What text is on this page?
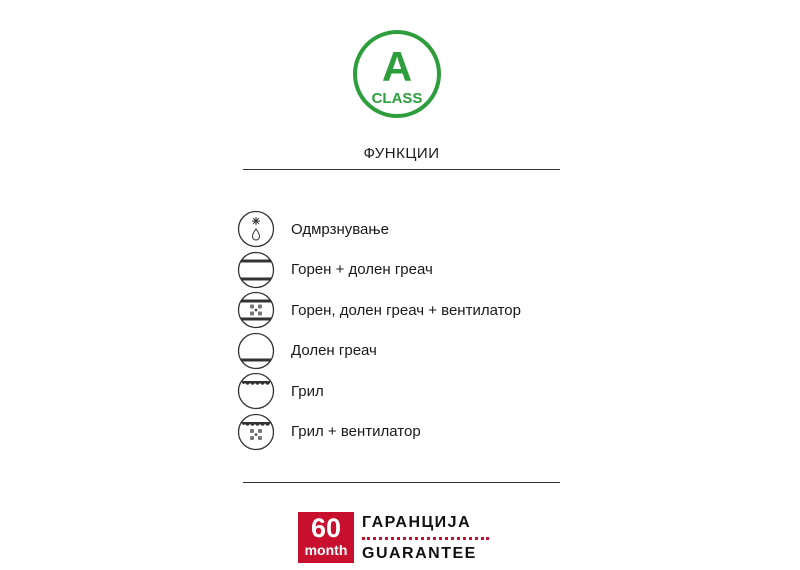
A
CLASS
ФУНКЦИИ
Одмрзнување
Горен + долен греач
Горен, долен греач + вентилатор
Долен греач
Грил
Грил + вентилатор
60
month
ГАРАНЦИЈА
GUARANTEE
